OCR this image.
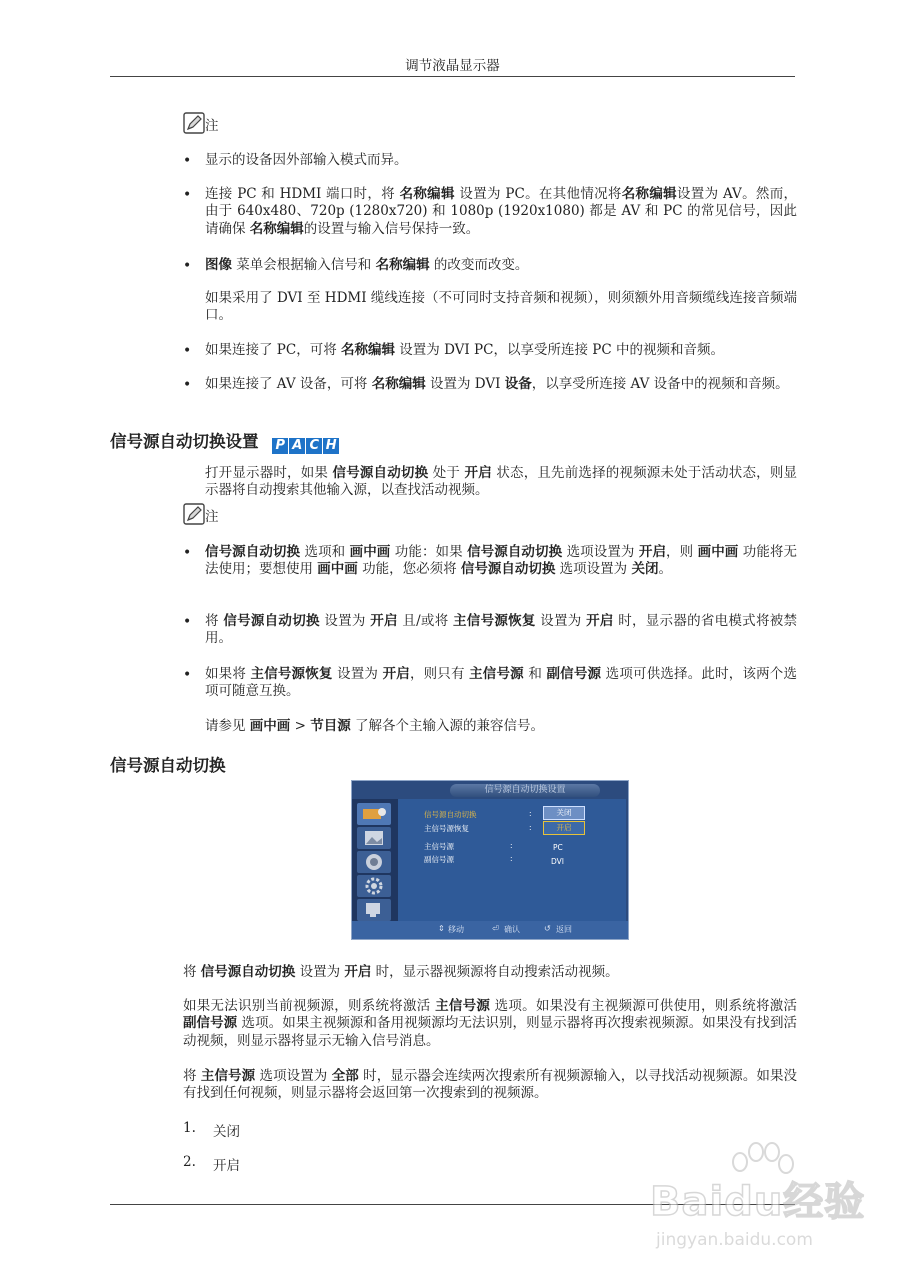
调节液晶显示器
注
•	显示的设备因外部输入模式而异。
•	连接 PC 和 HDMI 端口时，将 名称编辑 设置为 PC。在其他情况将名称编辑设置为 AV。然而，由于 640x480、720p (1280x720) 和 1080p (1920x1080) 都是 AV 和 PC 的常见信号，因此请确保 名称编辑的设置与输入信号保持一致。
•	图像 菜单会根据输入信号和 名称编辑 的改变而改变。
如果采用了 DVI 至 HDMI 缆线连接（不可同时支持音频和视频），则须额外用音频缆线连接音频端口。
•	如果连接了 PC，可将 名称编辑 设置为 DVI PC，以享受所连接 PC 中的视频和音频。
•	如果连接了 AV 设备，可将 名称编辑 设置为 DVI 设备，以享受所连接 AV 设备中的视频和音频。
信号源自动切换设置 P A C H
打开显示器时，如果 信号源自动切换 处于 开启 状态，且先前选择的视频源未处于活动状态，则显示器将自动搜索其他输入源，以查找活动视频。
注
•	信号源自动切换 选项和 画中画 功能：如果 信号源自动切换 选项设置为 开启，则 画中画 功能将无法使用；要想使用 画中画 功能，您必须将 信号源自动切换 选项设置为 关闭。
•	将 信号源自动切换 设置为 开启 且/或将 主信号源恢复 设置为 开启 时，显示器的省电模式将被禁用。
•	如果将 主信号源恢复 设置为 开启，则只有 主信号源 和 副信号源 选项可供选择。此时，该两个选项可随意互换。
请参见 画中画 > 节目源 了解各个主输入源的兼容信号。
信号源自动切换
信号源自动切换设置
信号源自动切换	:	关闭
主信号源恢复	:	开启
主信号源	:	PC
副信号源	:	DVI
⇕ 移动	⏎ 确认	↺ 返回
将 信号源自动切换 设置为 开启 时，显示器视频源将自动搜索活动视频。
如果无法识别当前视频源，则系统将激活 主信号源 选项。如果没有主视频源可供使用，则系统将激活 副信号源 选项。如果主视频源和备用视频源均无法识别，则显示器将再次搜索视频源。如果没有找到活动视频，则显示器将显示无输入信号消息。
将 主信号源 选项设置为 全部 时，显示器会连续两次搜索所有视频源输入，以寻找活动视频源。如果没有找到任何视频，则显示器将会返回第一次搜索到的视频源。
1.	关闭
2.	开启
Baidu经验
jingyan.baidu.com
